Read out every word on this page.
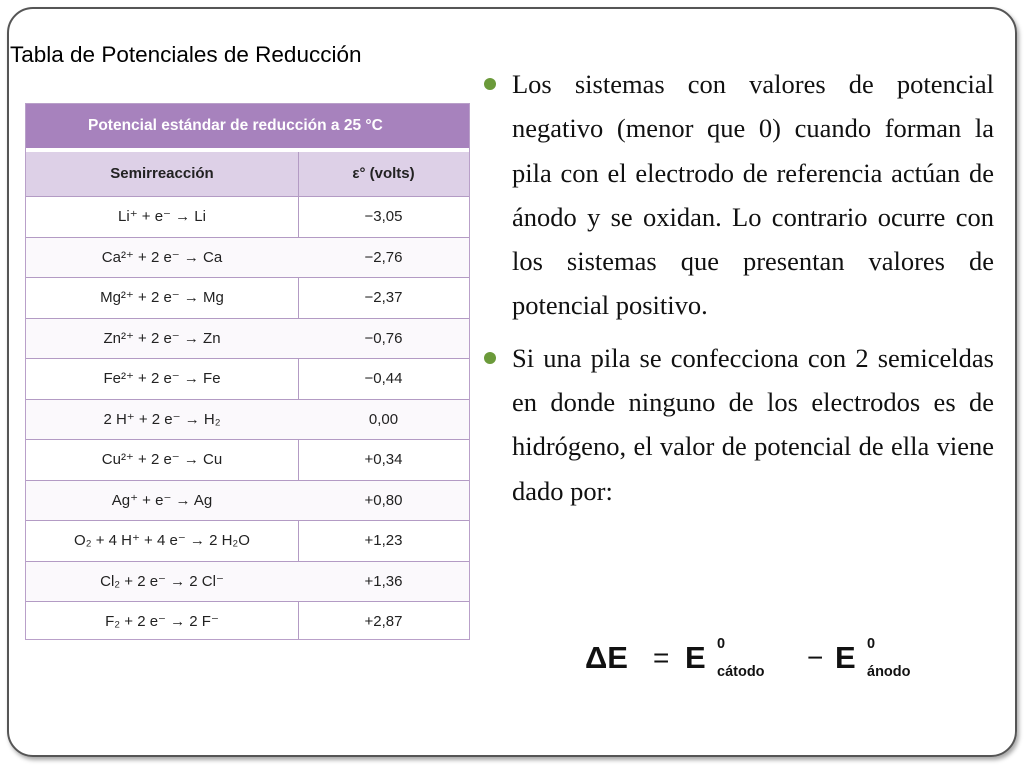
Tabla de Potenciales de Reducción
Potencial estándar de reducción a 25 °C
Semirreacción	ε° (volts)
Li⁺ + e⁻ → Li	−3,05
Ca²⁺ + 2 e⁻ → Ca	−2,76
Mg²⁺ + 2 e⁻ → Mg	−2,37
Zn²⁺ + 2 e⁻ → Zn	−0,76
Fe²⁺ + 2 e⁻ → Fe	−0,44
2 H⁺ + 2 e⁻ → H₂	0,00
Cu²⁺ + 2 e⁻ → Cu	+0,34
Ag⁺ + e⁻ → Ag	+0,80
O₂ + 4 H⁺ + 4 e⁻ → 2 H₂O	+1,23
Cl₂ + 2 e⁻ → 2 Cl⁻	+1,36
F₂ + 2 e⁻ → 2 F⁻	+2,87
Los sistemas con valores de potencial negativo (menor que 0) cuando forman la pila con el electrodo de referencia actúan de ánodo y se oxidan. Lo contrario ocurre con los sistemas que presentan valores de potencial positivo.
Si una pila se confecciona con 2 semiceldas en donde ninguno de los electrodos es de hidrógeno, el valor de potencial de ella viene dado por:
ΔE = E 0
cátodo − E 0
ánodo
